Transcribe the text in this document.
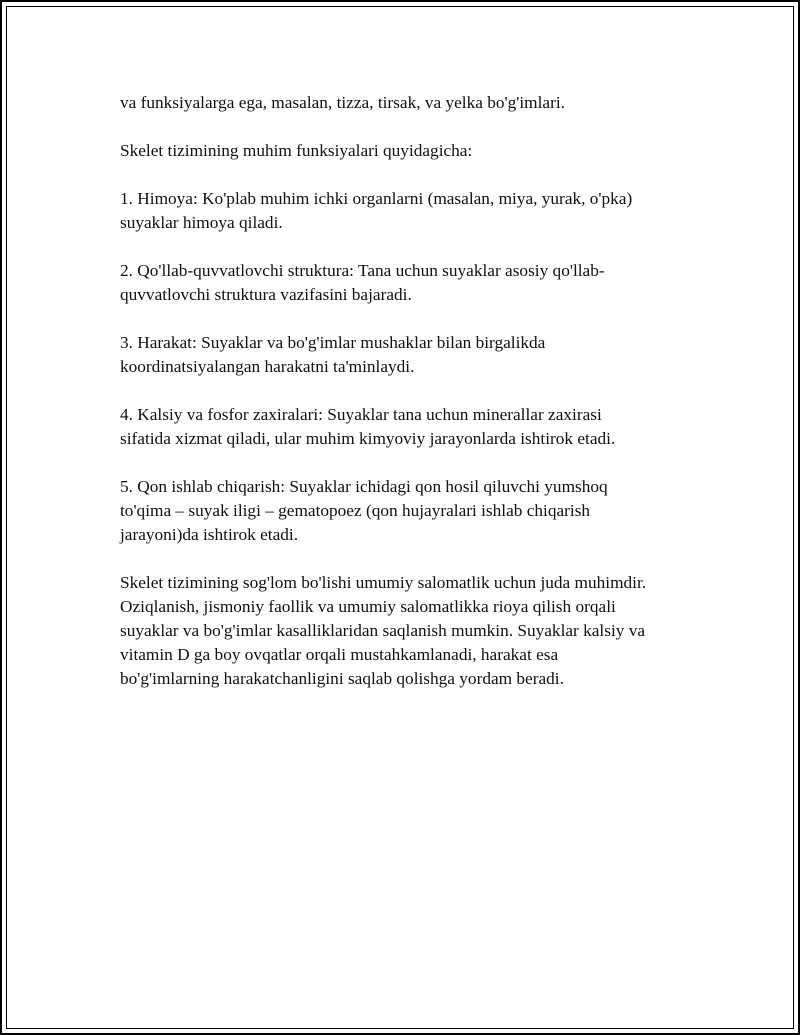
va funksiyalarga ega, masalan, tizza, tirsak, va yelka bo'g'imlari.

Skelet tizimining muhim funksiyalari quyidagicha:

1. Himoya: Ko'plab muhim ichki organlarni (masalan, miya, yurak, o'pka)
suyaklar himoya qiladi.

2. Qo'llab-quvvatlovchi struktura: Tana uchun suyaklar asosiy qo'llab-
quvvatlovchi struktura vazifasini bajaradi.

3. Harakat: Suyaklar va bo'g'imlar mushaklar bilan birgalikda
koordinatsiyalangan harakatni ta'minlaydi.

4. Kalsiy va fosfor zaxiralari: Suyaklar tana uchun minerallar zaxirasi
sifatida xizmat qiladi, ular muhim kimyoviy jarayonlarda ishtirok etadi.

5. Qon ishlab chiqarish: Suyaklar ichidagi qon hosil qiluvchi yumshoq
to'qima – suyak iligi – gematopoez (qon hujayralari ishlab chiqarish
jarayoni)da ishtirok etadi.

Skelet tizimining sog'lom bo'lishi umumiy salomatlik uchun juda muhimdir.
Oziqlanish, jismoniy faollik va umumiy salomatlikka rioya qilish orqali
suyaklar va bo'g'imlar kasalliklaridan saqlanish mumkin. Suyaklar kalsiy va
vitamin D ga boy ovqatlar orqali mustahkamlanadi, harakat esa
bo'g'imlarning harakatchanligini saqlab qolishga yordam beradi.
